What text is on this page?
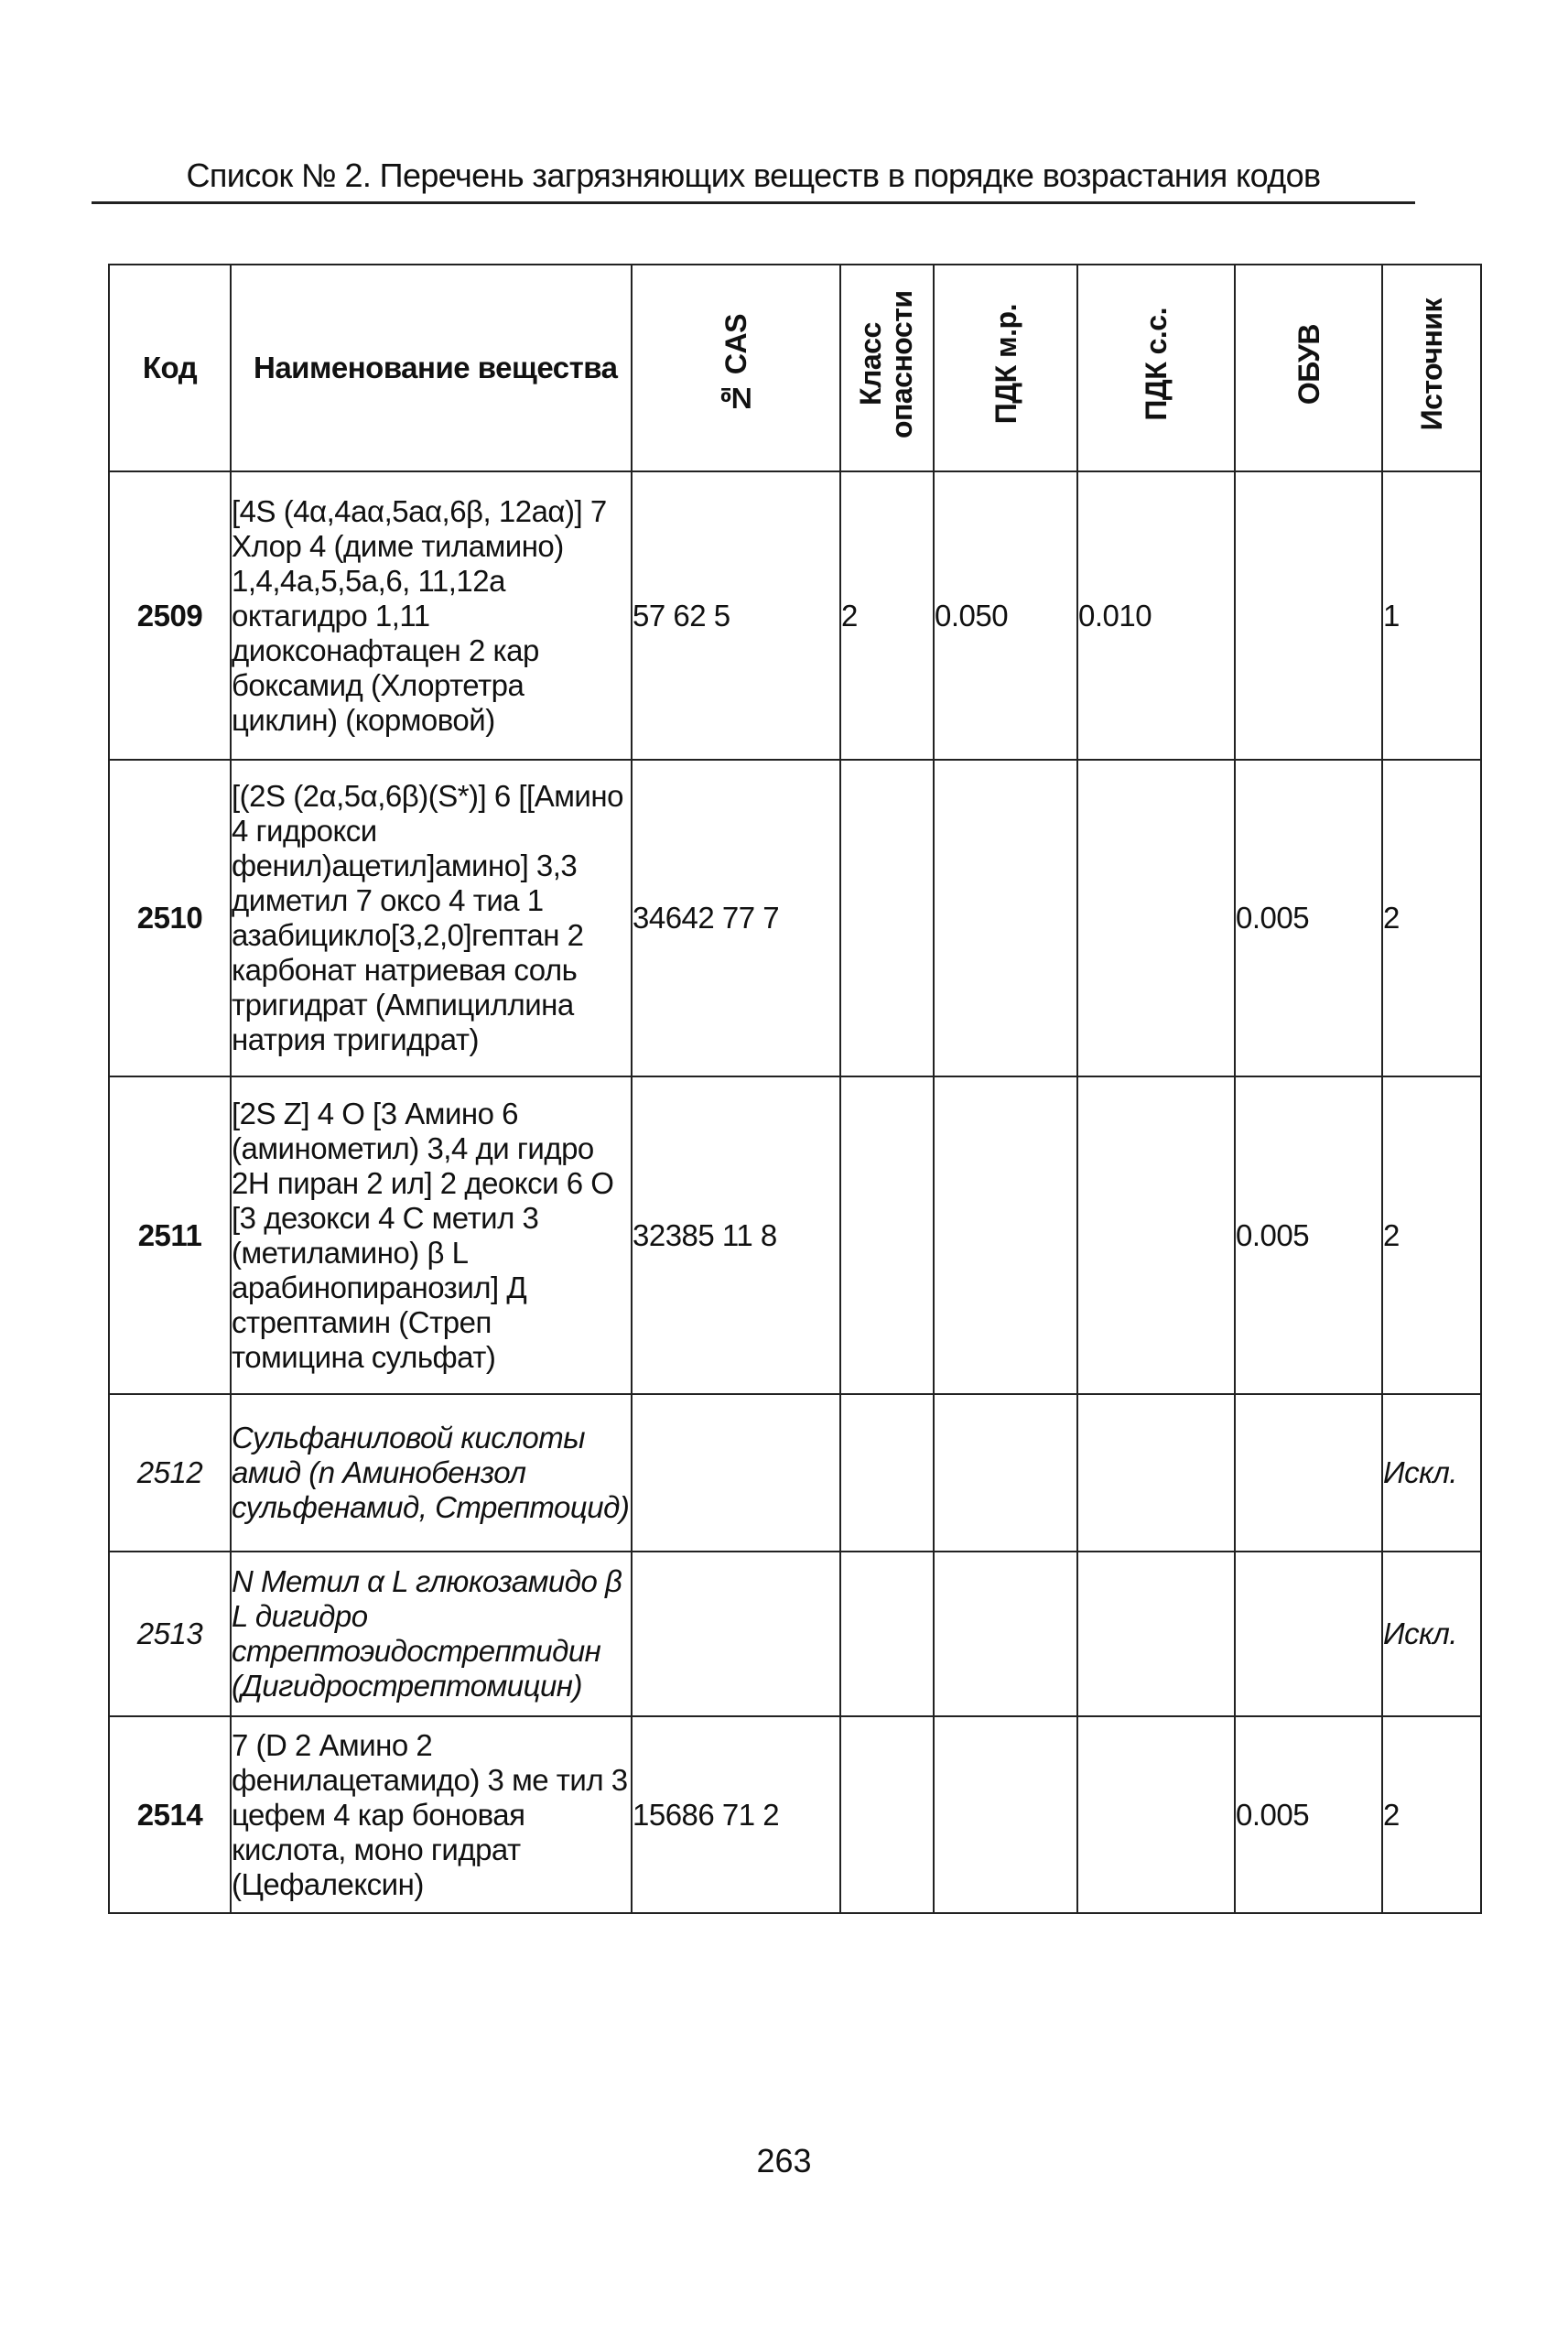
Список № 2. Перечень загрязняющих веществ в порядке возрастания кодов
Код	Наименование вещества	№ CAS	Класс опасности	ПДК м.р.	ПДК с.с.	ОБУВ	Источник
2509	[4S (4α,4aα,5aα,6β, 12aα)] 7 Хлор 4 (диме тиламино) 1,4,4a,5,5a,6, 11,12a октагидро 1,11 диоксонафтацен 2 кар боксамид (Хлортетра циклин) (кормовой)	57 62 5	2	0.050	0.010		1
2510	[(2S (2α,5α,6β)(S*)] 6 [[Амино 4 гидрокси фенил)ацетил]амино] 3,3 диметил 7 оксо 4 тиа 1 азабицикло[3,2,0]гептан 2 карбонат натриевая соль тригидрат (Ампициллина натрия тригидрат)	34642 77 7				0.005	2
2511	[2S Z] 4 O [3 Амино 6 (аминометил) 3,4 ди гидро 2H пиран 2 ил] 2 деокси 6 O [3 дезокси 4 С метил 3 (метиламино) β L арабинопиранозил] Д стрептамин (Стреп томицина сульфат)	32385 11 8				0.005	2
2512	Сульфаниловой кислоты амид (n Аминобензол сульфенамид, Стрептоцид)						Искл.
2513	N Метил α L глюкозамидо β L дигидро стрептоэидострептидин (Дигидрострептомицин)						Искл.
2514	7 (D 2 Амино 2 фенилацетамидо) 3 ме тил 3 цефем 4 кар боновая кислота, моно гидрат (Цефалексин)	15686 71 2				0.005	2
263
